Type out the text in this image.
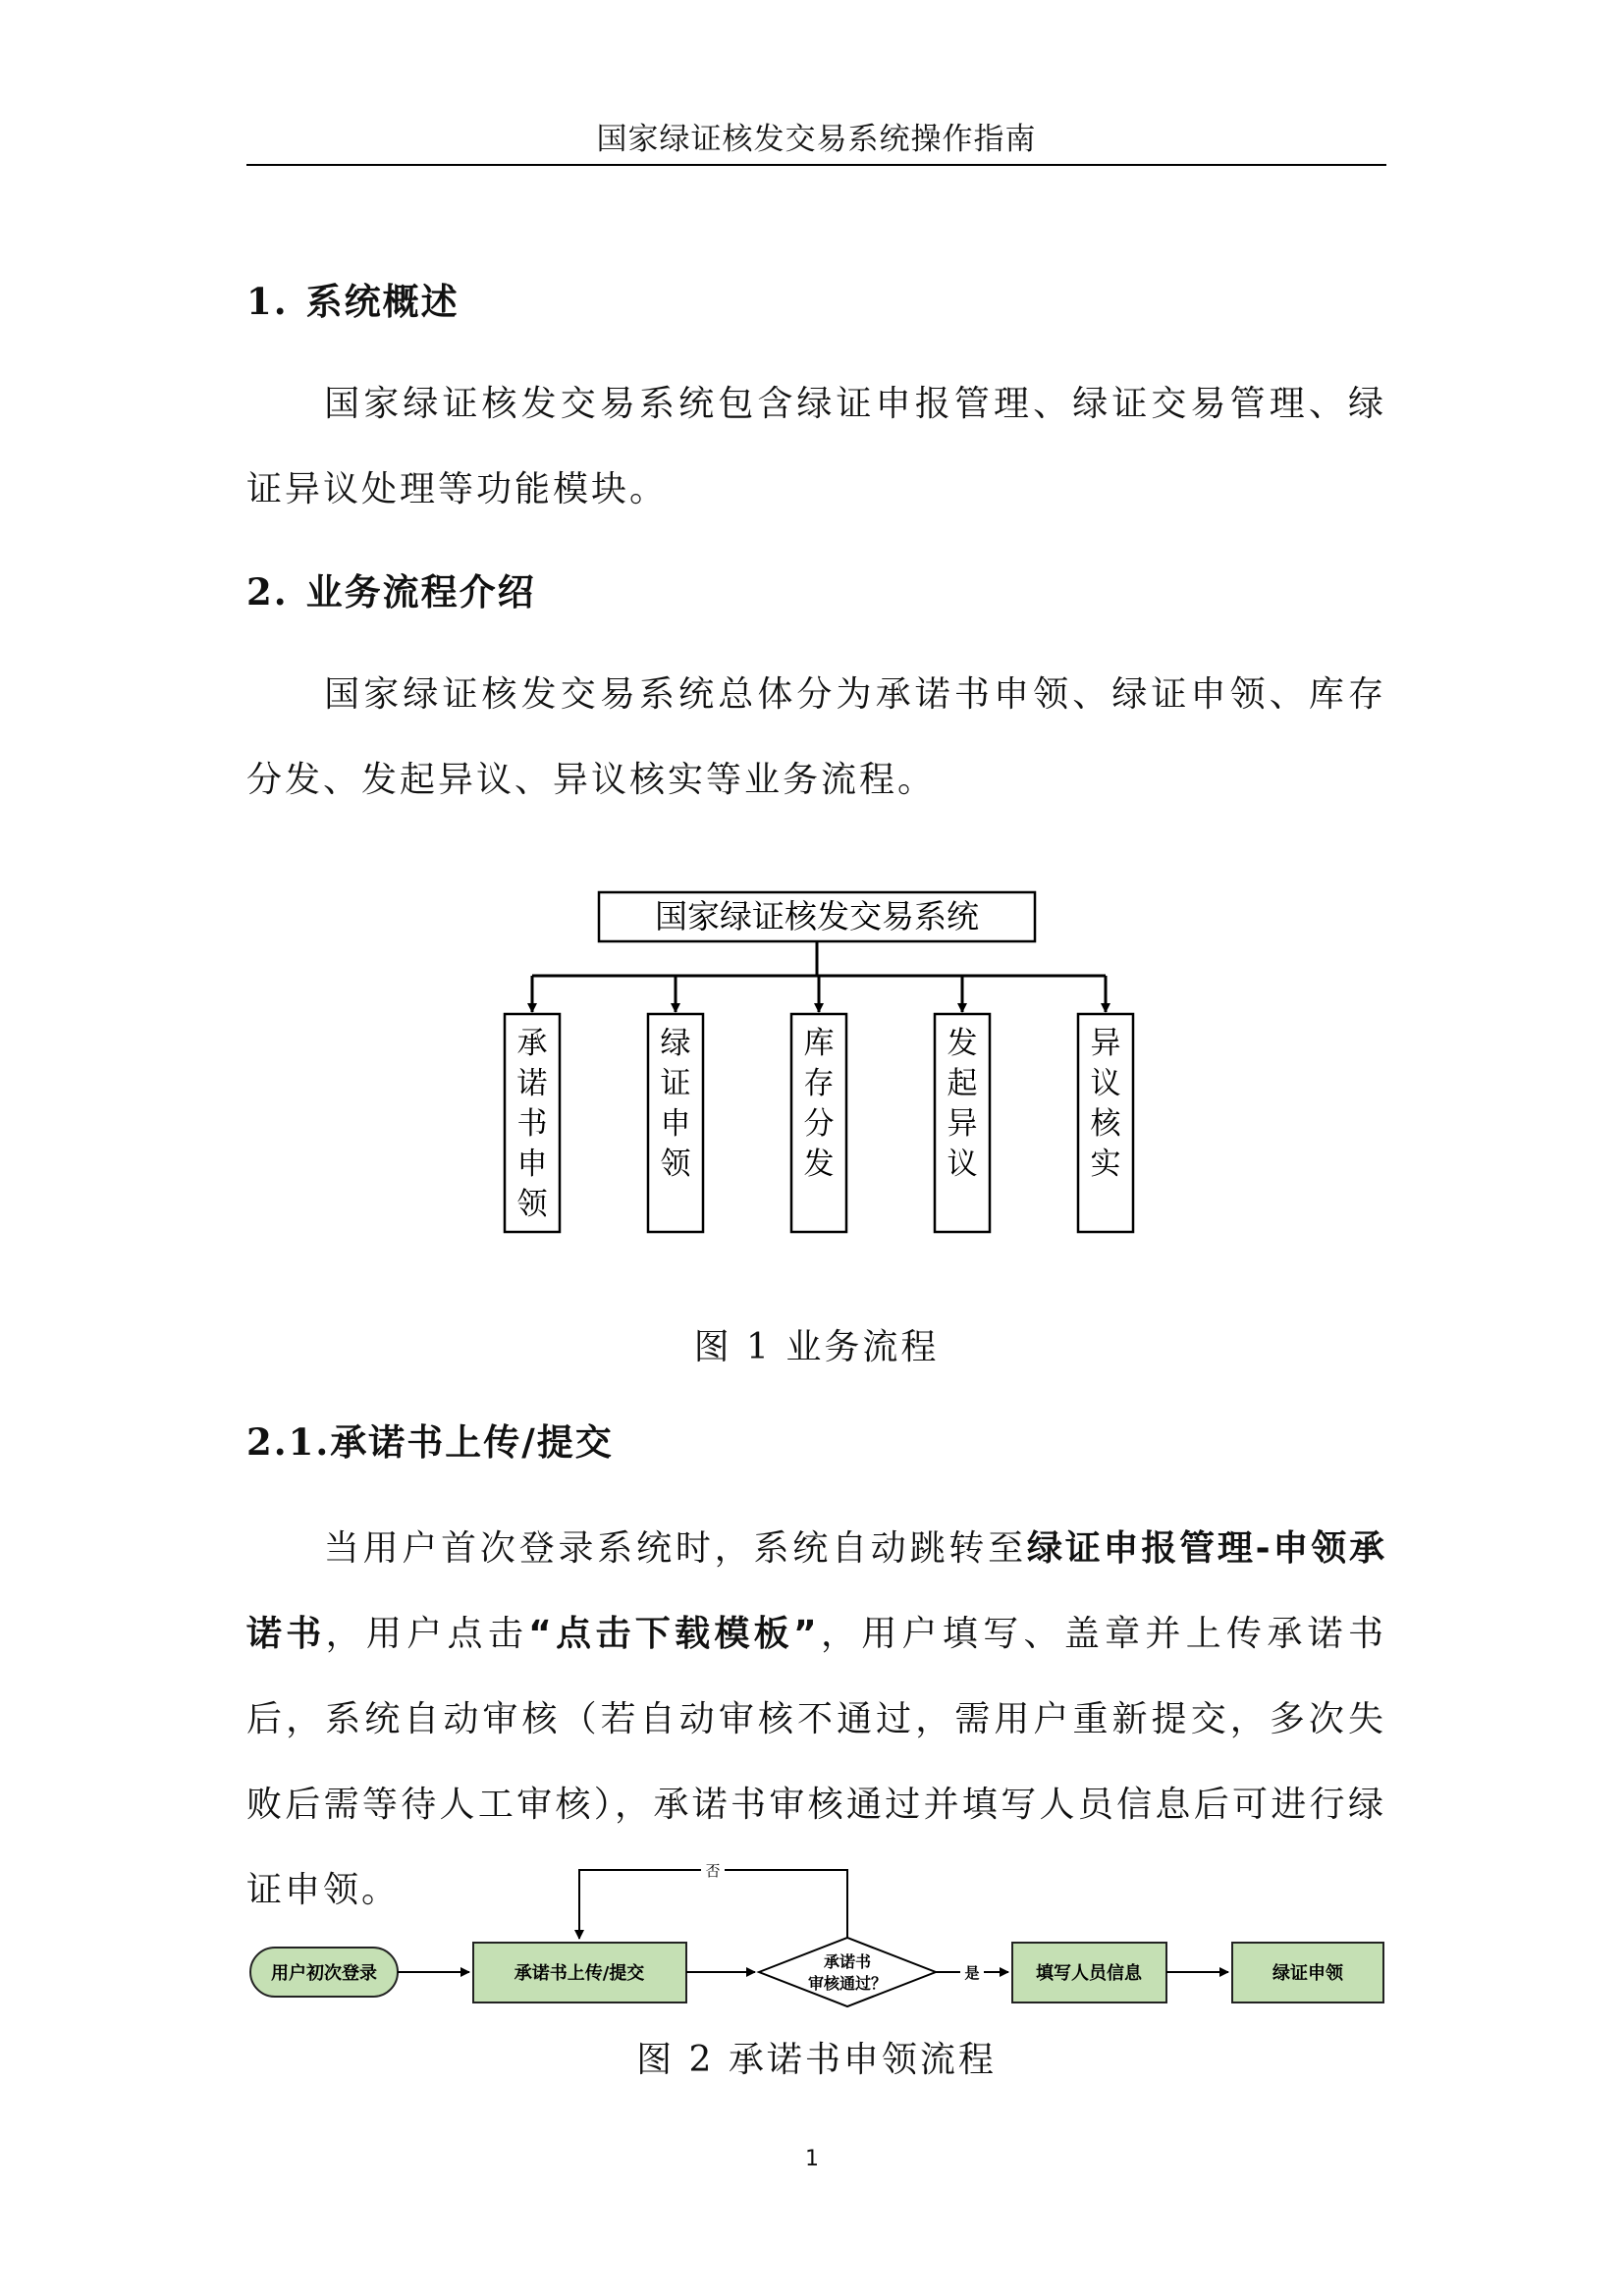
国家绿证核发交易系统操作指南
1. 系统概述
国家绿证核发交易系统包含绿证申报管理、绿证交易管理、绿证异议处理等功能模块。
2. 业务流程介绍
国家绿证核发交易系统总体分为承诺书申领、绿证申领、库存分发、发起异议、异议核实等业务流程。
国家绿证核发交易系统
承诺书申领
绿证申领
库存分发
发起异议
异议核实
图 1 业务流程
2.1.承诺书上传/提交
当用户首次登录系统时，系统自动跳转至绿证申报管理-申领承诺书，用户点击“点击下载模板”，用户填写、盖章并上传承诺书后，系统自动审核（若自动审核不通过，需用户重新提交，多次失败后需等待人工审核），承诺书审核通过并填写人员信息后可进行绿证申领。
用户初次登录	承诺书上传/提交
承诺书
审核通过？
否
是	填写人员信息	绿证申领
图 2 承诺书申领流程
1
